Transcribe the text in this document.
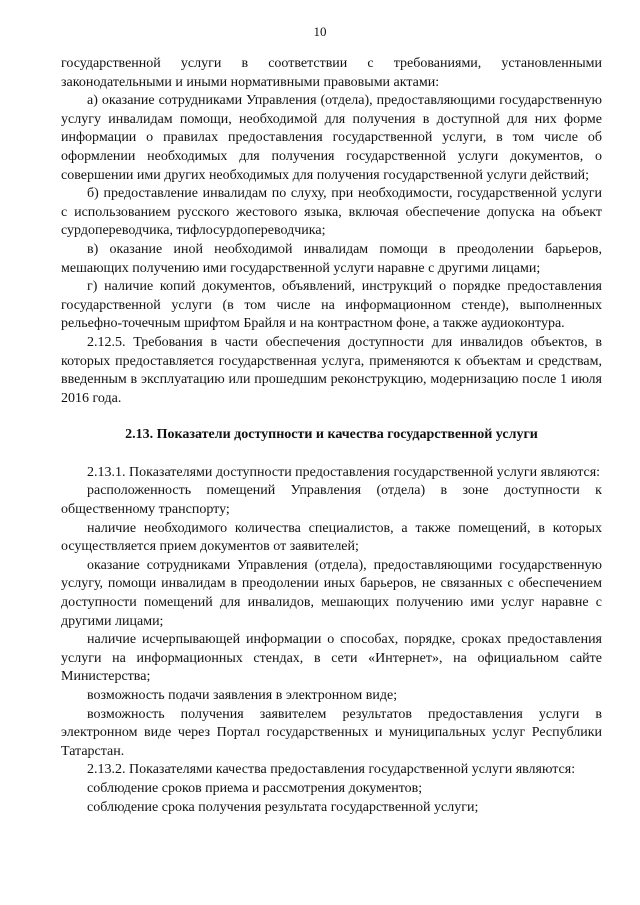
10

государственной услуги в соответствии с требованиями, установленными законодательными и иными нормативными правовыми актами:

а) оказание сотрудниками Управления (отдела), предоставляющими государственную услугу инвалидам помощи, необходимой для получения в доступной для них форме информации о правилах предоставления государственной услуги, в том числе об оформлении необходимых для получения государственной услуги документов, о совершении ими других необходимых для получения государственной услуги действий;

б) предоставление инвалидам по слуху, при необходимости, государственной услуги с использованием русского жестового языка, включая обеспечение допуска на объект сурдопереводчика, тифлосурдопереводчика;

в) оказание иной необходимой инвалидам помощи в преодолении барьеров, мешающих получению ими государственной услуги наравне с другими лицами;

г) наличие копий документов, объявлений, инструкций о порядке предоставления государственной услуги (в том числе на информационном стенде), выполненных рельефно-точечным шрифтом Брайля и на контрастном фоне, а также аудиоконтура.

2.12.5. Требования в части обеспечения доступности для инвалидов объектов, в которых предоставляется государственная услуга, применяются к объектам и средствам, введенным в эксплуатацию или прошедшим реконструкцию, модернизацию после 1 июля 2016 года.

2.13. Показатели доступности и качества государственной услуги

2.13.1. Показателями доступности предоставления государственной услуги являются:

расположенность помещений Управления (отдела) в зоне доступности к общественному транспорту;

наличие необходимого количества специалистов, а также помещений, в которых осуществляется прием документов от заявителей;

оказание сотрудниками Управления (отдела), предоставляющими государственную услугу, помощи инвалидам в преодолении иных барьеров, не связанных с обеспечением доступности помещений для инвалидов, мешающих получению ими услуг наравне с другими лицами;

наличие исчерпывающей информации о способах, порядке, сроках предоставления услуги на информационных стендах, в сети «Интернет», на официальном сайте Министерства;

возможность подачи заявления в электронном виде;

возможность получения заявителем результатов предоставления услуги в электронном виде через Портал государственных и муниципальных услуг Республики Татарстан.

2.13.2. Показателями качества предоставления государственной услуги являются:

соблюдение сроков приема и рассмотрения документов;

соблюдение срока получения результата государственной услуги;
